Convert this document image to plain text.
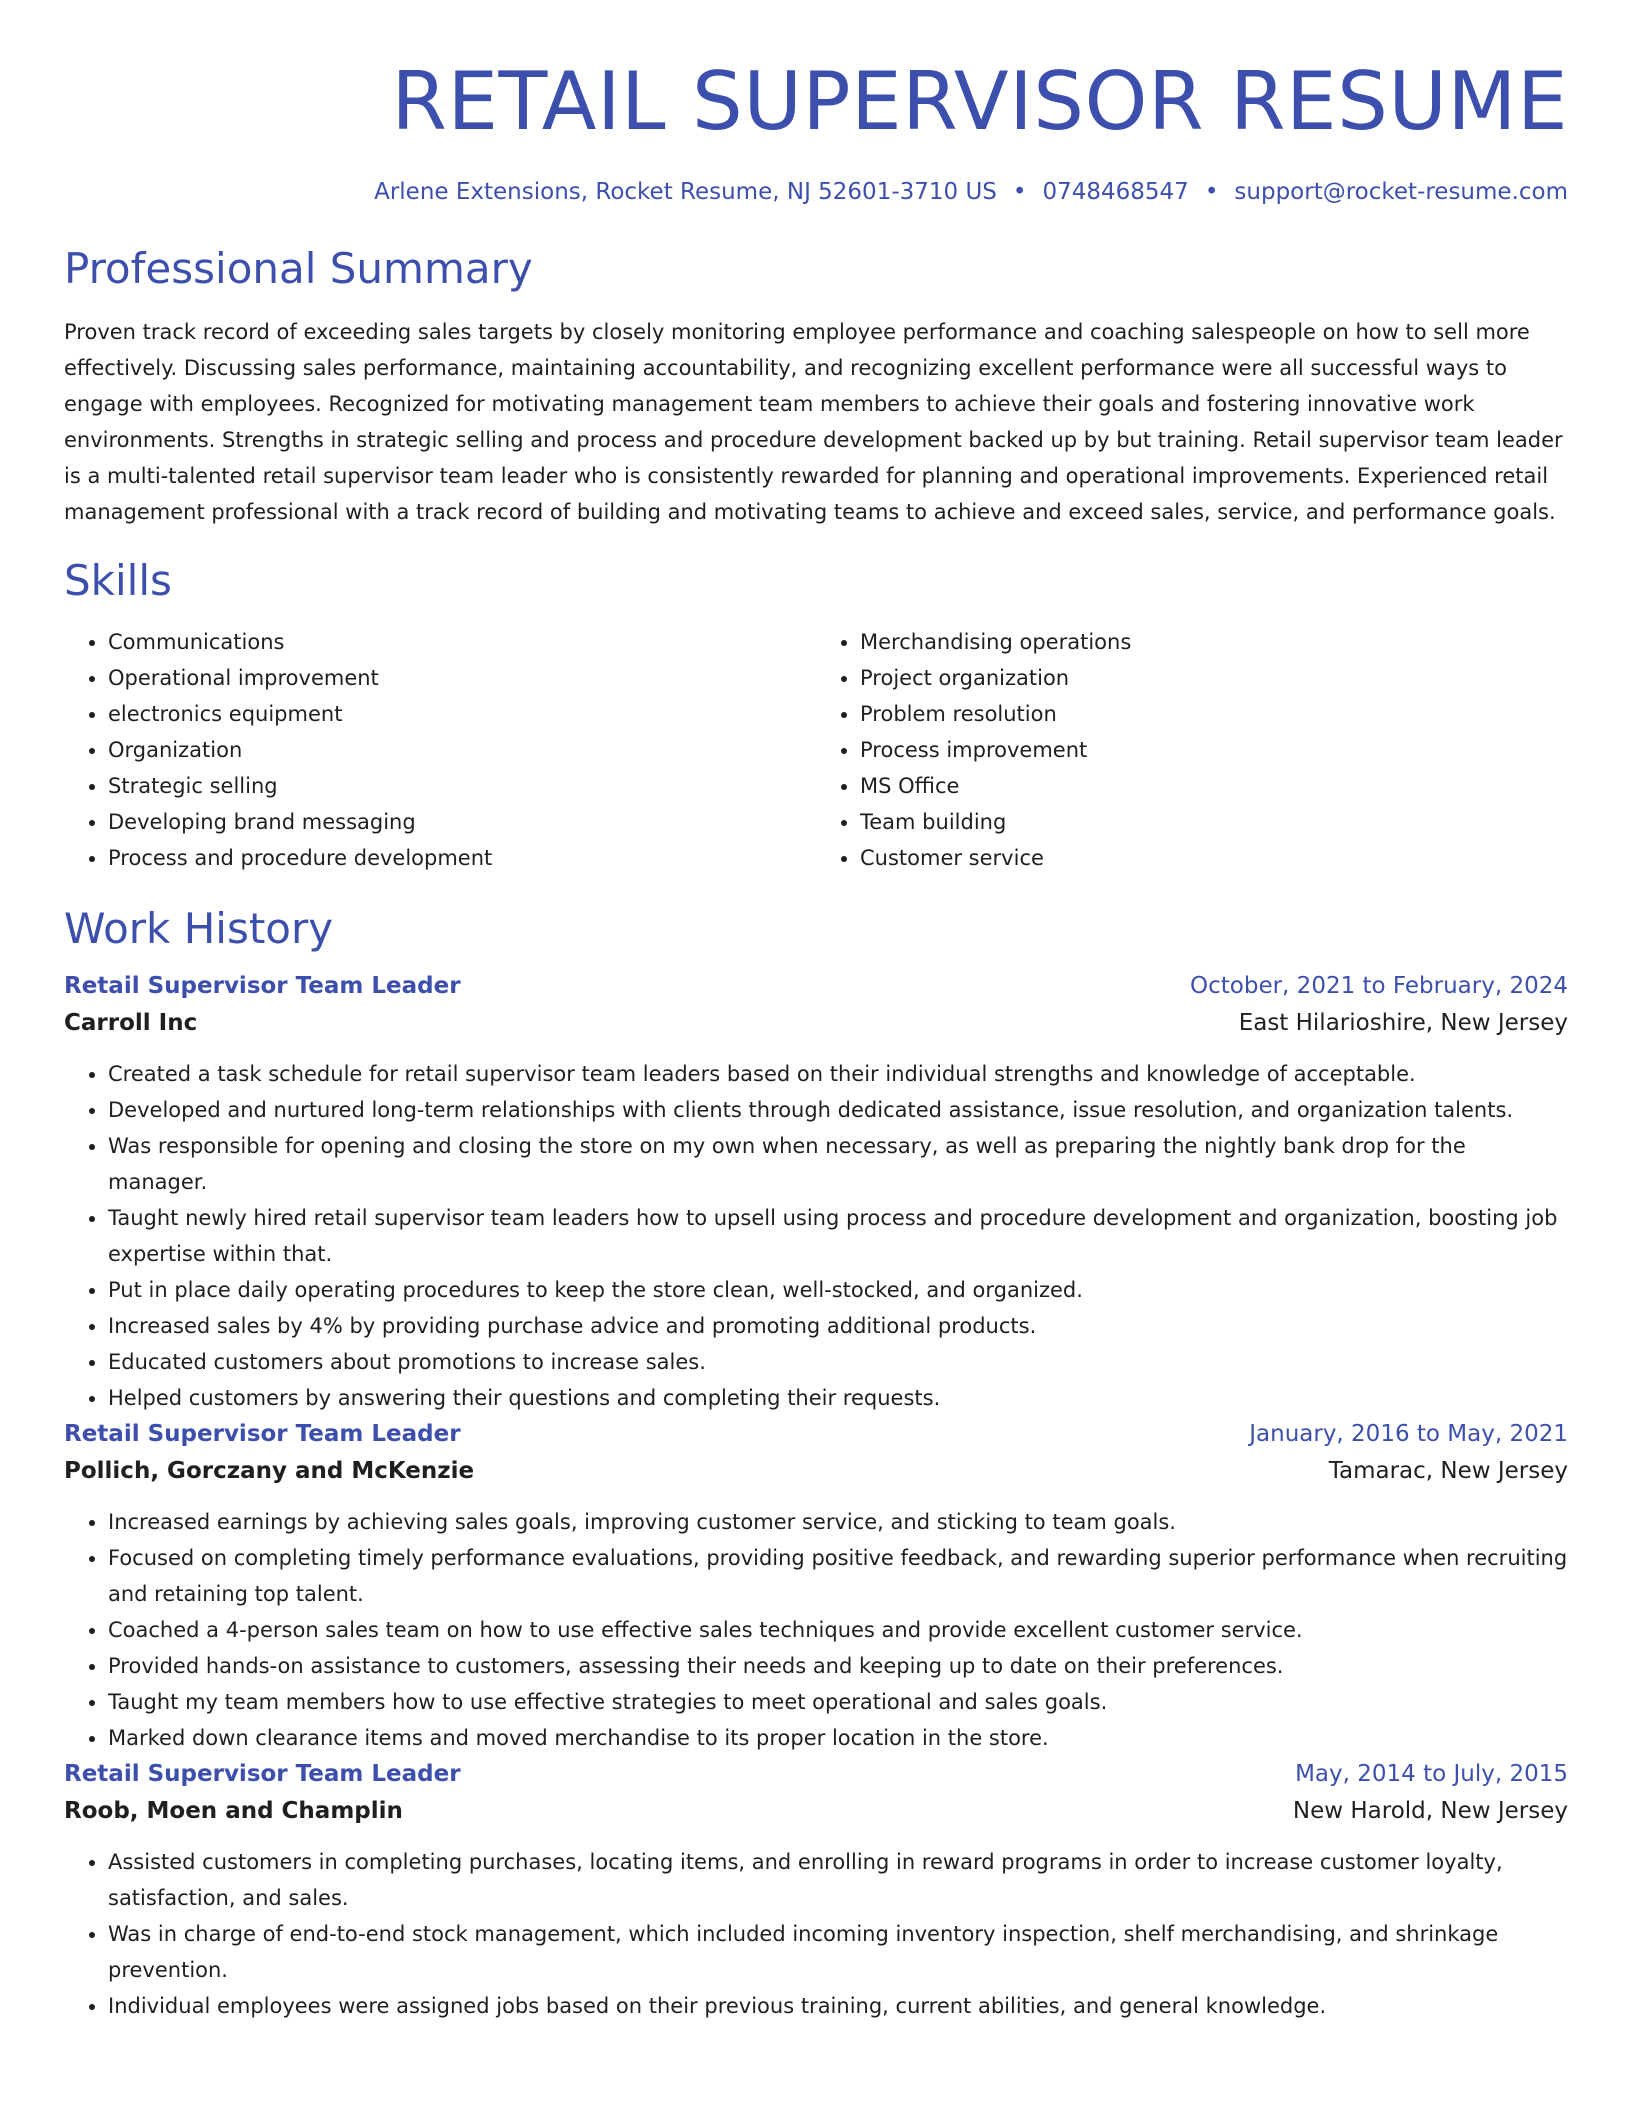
RETAIL SUPERVISOR RESUME
Arlene Extensions, Rocket Resume, NJ 52601-3710 US • 0748468547 • support@rocket-resume.com
Professional Summary
Proven track record of exceeding sales targets by closely monitoring employee performance and coaching salespeople on how to sell more effectively. Discussing sales performance, maintaining accountability, and recognizing excellent performance were all successful ways to engage with employees. Recognized for motivating management team members to achieve their goals and fostering innovative work environments. Strengths in strategic selling and process and procedure development backed up by but training. Retail supervisor team leader is a multi-talented retail supervisor team leader who is consistently rewarded for planning and operational improvements. Experienced retail management professional with a track record of building and motivating teams to achieve and exceed sales, service, and performance goals.
Skills
• Communications
• Operational improvement
• electronics equipment
• Organization
• Strategic selling
• Developing brand messaging
• Process and procedure development
• Merchandising operations
• Project organization
• Problem resolution
• Process improvement
• MS Office
• Team building
• Customer service
Work History
Retail Supervisor Team Leader	October, 2021 to February, 2024
Carroll Inc	East Hilarioshire, New Jersey
• Created a task schedule for retail supervisor team leaders based on their individual strengths and knowledge of acceptable.
• Developed and nurtured long-term relationships with clients through dedicated assistance, issue resolution, and organization talents.
• Was responsible for opening and closing the store on my own when necessary, as well as preparing the nightly bank drop for the manager.
• Taught newly hired retail supervisor team leaders how to upsell using process and procedure development and organization, boosting job expertise within that.
• Put in place daily operating procedures to keep the store clean, well-stocked, and organized.
• Increased sales by 4% by providing purchase advice and promoting additional products.
• Educated customers about promotions to increase sales.
• Helped customers by answering their questions and completing their requests.
Retail Supervisor Team Leader	January, 2016 to May, 2021
Pollich, Gorczany and McKenzie	Tamarac, New Jersey
• Increased earnings by achieving sales goals, improving customer service, and sticking to team goals.
• Focused on completing timely performance evaluations, providing positive feedback, and rewarding superior performance when recruiting and retaining top talent.
• Coached a 4-person sales team on how to use effective sales techniques and provide excellent customer service.
• Provided hands-on assistance to customers, assessing their needs and keeping up to date on their preferences.
• Taught my team members how to use effective strategies to meet operational and sales goals.
• Marked down clearance items and moved merchandise to its proper location in the store.
Retail Supervisor Team Leader	May, 2014 to July, 2015
Roob, Moen and Champlin	New Harold, New Jersey
• Assisted customers in completing purchases, locating items, and enrolling in reward programs in order to increase customer loyalty, satisfaction, and sales.
• Was in charge of end-to-end stock management, which included incoming inventory inspection, shelf merchandising, and shrinkage prevention.
• Individual employees were assigned jobs based on their previous training, current abilities, and general knowledge.
